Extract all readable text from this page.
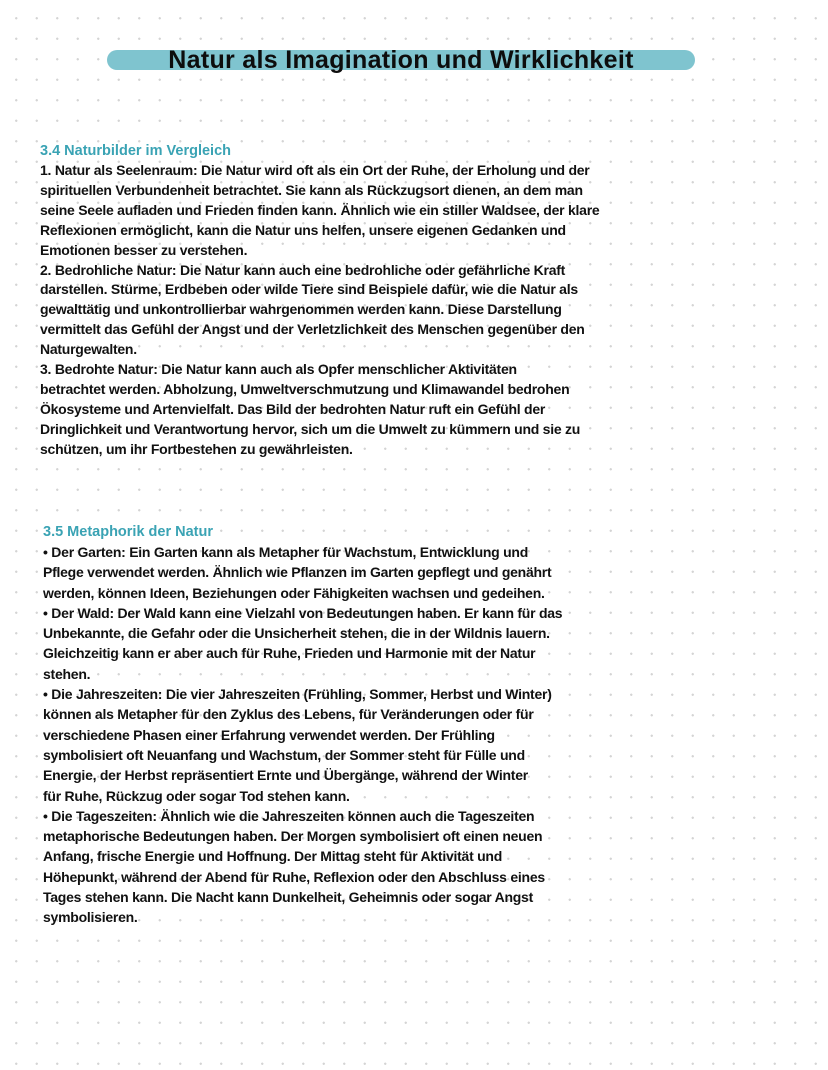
Natur als Imagination und Wirklichkeit
3.4 Naturbilder im Vergleich
1. Natur als Seelenraum: Die Natur wird oft als ein Ort der Ruhe, der Erholung und der
spirituellen Verbundenheit betrachtet. Sie kann als Rückzugsort dienen, an dem man
seine Seele aufladen und Frieden finden kann. Ähnlich wie ein stiller Waldsee, der klare
Reflexionen ermöglicht, kann die Natur uns helfen, unsere eigenen Gedanken und
Emotionen besser zu verstehen.
2. Bedrohliche Natur: Die Natur kann auch eine bedrohliche oder gefährliche Kraft
darstellen. Stürme, Erdbeben oder wilde Tiere sind Beispiele dafür, wie die Natur als
gewalttätig und unkontrollierbar wahrgenommen werden kann. Diese Darstellung
vermittelt das Gefühl der Angst und der Verletzlichkeit des Menschen gegenüber den
Naturgewalten.
3. Bedrohte Natur: Die Natur kann auch als Opfer menschlicher Aktivitäten
betrachtet werden. Abholzung, Umweltverschmutzung und Klimawandel bedrohen
Ökosysteme und Artenvielfalt. Das Bild der bedrohten Natur ruft ein Gefühl der
Dringlichkeit und Verantwortung hervor, sich um die Umwelt zu kümmern und sie zu
schützen, um ihr Fortbestehen zu gewährleisten.
3.5 Metaphorik der Natur
• Der Garten: Ein Garten kann als Metapher für Wachstum, Entwicklung und
Pflege verwendet werden. Ähnlich wie Pflanzen im Garten gepflegt und genährt
werden, können Ideen, Beziehungen oder Fähigkeiten wachsen und gedeihen.
• Der Wald: Der Wald kann eine Vielzahl von Bedeutungen haben. Er kann für das
Unbekannte, die Gefahr oder die Unsicherheit stehen, die in der Wildnis lauern.
Gleichzeitig kann er aber auch für Ruhe, Frieden und Harmonie mit der Natur
stehen.
• Die Jahreszeiten: Die vier Jahreszeiten (Frühling, Sommer, Herbst und Winter)
können als Metapher für den Zyklus des Lebens, für Veränderungen oder für
verschiedene Phasen einer Erfahrung verwendet werden. Der Frühling
symbolisiert oft Neuanfang und Wachstum, der Sommer steht für Fülle und
Energie, der Herbst repräsentiert Ernte und Übergänge, während der Winter
für Ruhe, Rückzug oder sogar Tod stehen kann.
• Die Tageszeiten: Ähnlich wie die Jahreszeiten können auch die Tageszeiten
metaphorische Bedeutungen haben. Der Morgen symbolisiert oft einen neuen
Anfang, frische Energie und Hoffnung. Der Mittag steht für Aktivität und
Höhepunkt, während der Abend für Ruhe, Reflexion oder den Abschluss eines
Tages stehen kann. Die Nacht kann Dunkelheit, Geheimnis oder sogar Angst
symbolisieren.
